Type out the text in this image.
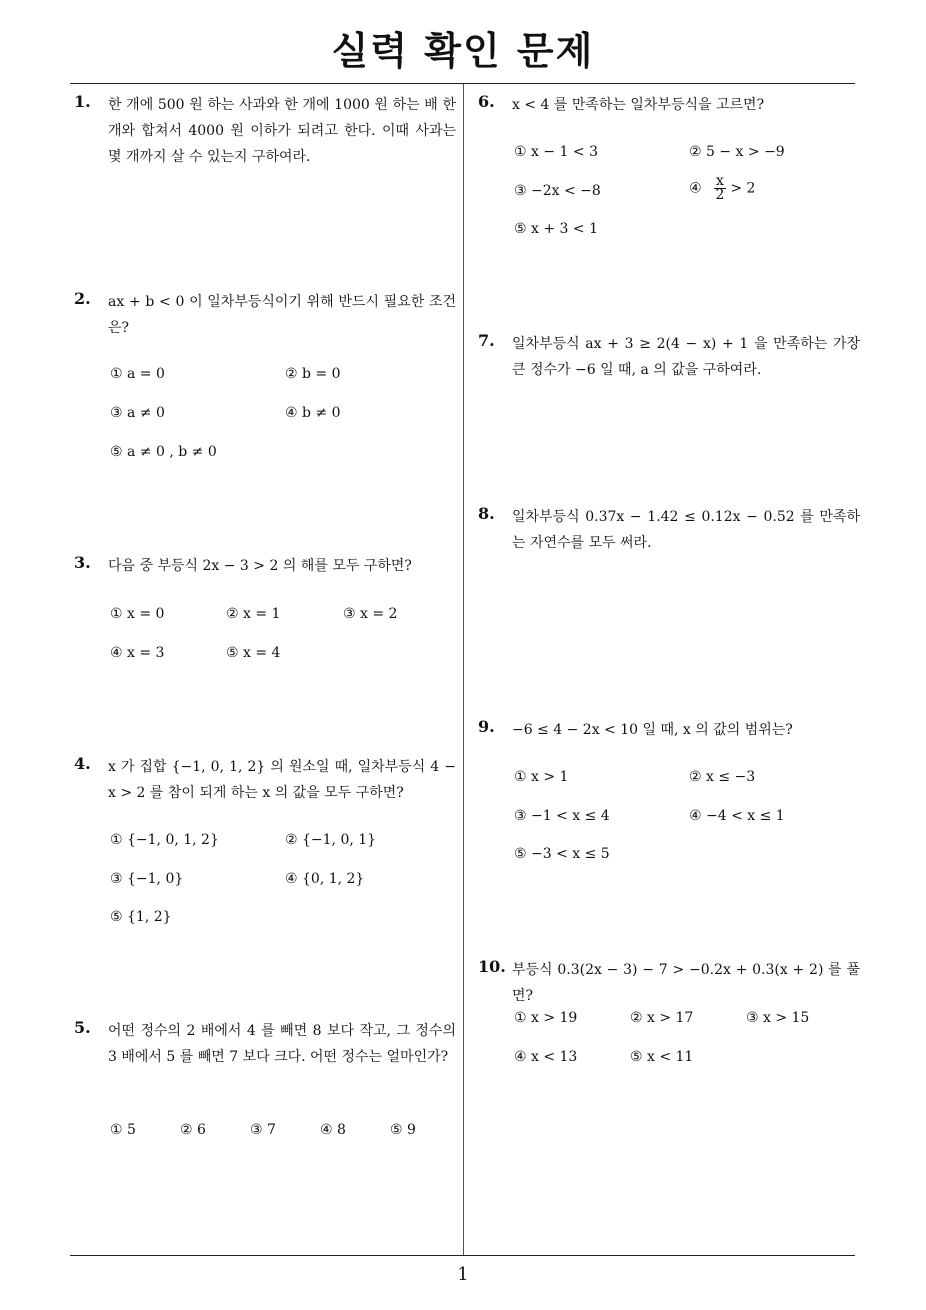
실력 확인 문제
1
1. 한 개에 500 원 하는 사과와 한 개에 1000 원 하는 배 한 개와 합쳐서 4000 원 이하가 되려고 한다. 이때 사과는 몇 개까지 살 수 있는지 구하여라.
2. ax + b < 0 이 일차부등식이기 위해 반드시 필요한 조건은?
① a = 0	② b = 0
③ a ≠ 0	④ b ≠ 0
⑤ a ≠ 0 , b ≠ 0
3. 다음 중 부등식 2x − 3 > 2 의 해를 모두 구하면?
① x = 0	② x = 1	③ x = 2
④ x = 3	⑤ x = 4
4. x 가 집합 {−1, 0, 1, 2} 의 원소일 때, 일차부등식 4 − x > 2 를 참이 되게 하는 x 의 값을 모두 구하면?
① {−1, 0, 1, 2}	② {−1, 0, 1}
③ {−1, 0}	④ {0, 1, 2}
⑤ {1, 2}
5. 어떤 정수의 2 배에서 4 를 빼면 8 보다 작고, 그 정수의 3 배에서 5 를 빼면 7 보다 크다. 어떤 정수는 얼마인가?
① 5	② 6	③ 7	④ 8	⑤ 9
6. x < 4 를 만족하는 일차부등식을 고르면?
① x − 1 < 3	② 5 − x > −9
③ −2x < −8	④ $\frac{x}{2} > 2$
⑤ x + 3 < 1
7. 일차부등식 ax + 3 ≥ 2(4 − x) + 1 을 만족하는 가장 큰 정수가 −6 일 때, a 의 값을 구하여라.
8. 일차부등식 0.37x − 1.42 ≤ 0.12x − 0.52 를 만족하는 자연수를 모두 써라.
9. −6 ≤ 4 − 2x < 10 일 때, x 의 값의 범위는?
① x > 1	② x ≤ −3
③ −1 < x ≤ 4	④ −4 < x ≤ 1
⑤ −3 < x ≤ 5
10. 부등식 0.3(2x − 3) − 7 > −0.2x + 0.3(x + 2) 를 풀면?
① x > 19	② x > 17	③ x > 15
④ x < 13	⑤ x < 11
